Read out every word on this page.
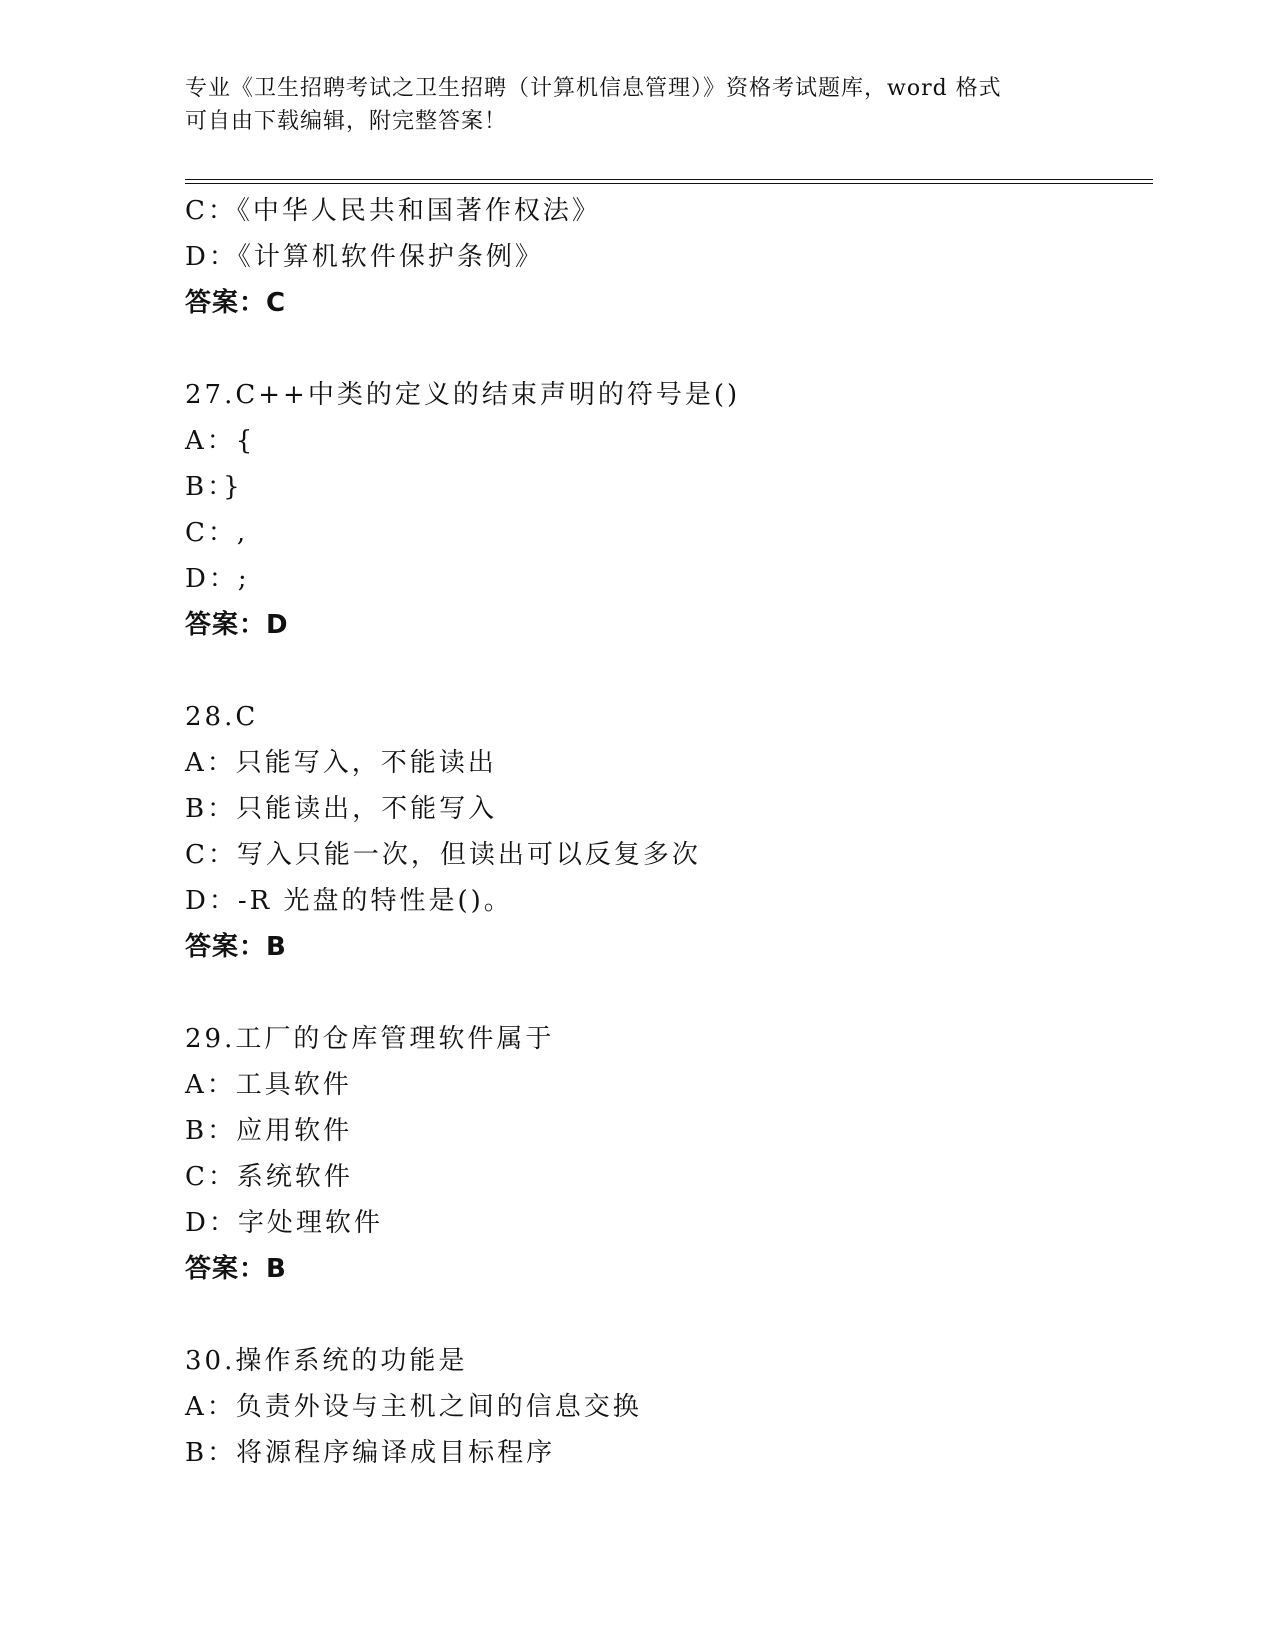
专业《卫生招聘考试之卫生招聘（计算机信息管理）》资格考试题库，word 格式
可自由下载编辑，附完整答案！
C：《中华人民共和国著作权法》
D：《计算机软件保护条例》
答案：C
27.C++中类的定义的结束声明的符号是()
A：{
B：}
C：,
D：;
答案：D
28.C
A：只能写入，不能读出
B：只能读出，不能写入
C：写入只能一次，但读出可以反复多次
D：-R 光盘的特性是()。
答案：B
29.工厂的仓库管理软件属于
A：工具软件
B：应用软件
C：系统软件
D：字处理软件
答案：B
30.操作系统的功能是
A：负责外设与主机之间的信息交换
B：将源程序编译成目标程序
